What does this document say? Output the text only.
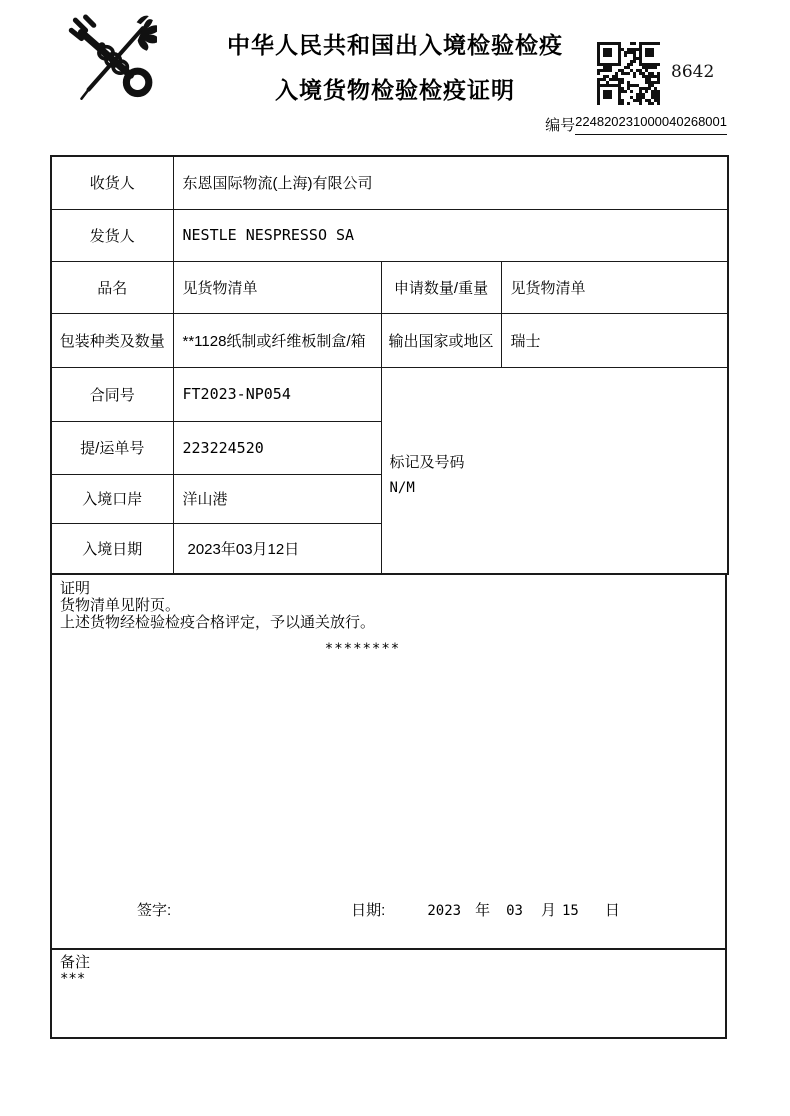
中华人民共和国出入境检验检疫
入境货物检验检疫证明
8642
编号 224820231000040268001
收货人	东恩国际物流(上海)有限公司		
发货人	NESTLE NESPRESSO SA		
品名	见货物清单	申请数量/重量	见货物清单
包装种类及数量	**1128纸制或纤维板制盒/箱	输出国家或地区	瑞士
合同号	FT2023-NP054	标记及号码
N/M	

提/运单号	223224520		
入境口岸	洋山港		
入境日期	2023年03月12日		
证明
货物清单见附页。
上述货物经检验检疫合格评定，予以通关放行。
********
签字:	日期:	2023 年 03 月 15 日
备注
***
